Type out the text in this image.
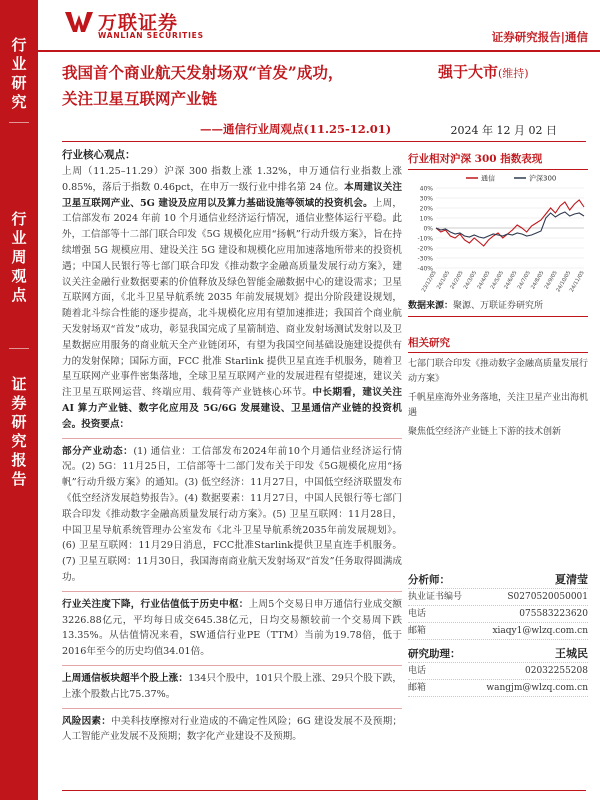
行
业
研
究
行
业
周
观
点
证
券
研
究
报
告
万联证券
WANLIAN SECURITIES	证券研究报告|通信
我国首个商业航天发射场双“首发”成功，
关注卫星互联网产业链
——通信行业周观点(11.25-12.01)
强于大市(维持)
2024 年 12 月 02 日
行业核心观点：
上周（11.25–11.29）沪深 300 指数上涨 1.32%，申万通信行业指数上涨 0.85%，落后于指数 0.46pct，在申万一级行业中排名第 24 位。本周建议关注卫星互联网产业、5G 建设及应用以及算力基础设施等领域的投资机会。上周，工信部发布 2024 年前 10 个月通信业经济运行情况，通信业整体运行平稳。此外，工信部等十二部门联合印发《5G 规模化应用“扬帆”行动升级方案》，旨在持续增强 5G 规模应用、建设关注 5G 建设和规模化应用加速落地所带来的投资机遇；中国人民银行等七部门联合印发《推动数字金融高质量发展行动方案》，建议关注金融行业数据要素的价值释放及绿色智能金融数据中心的建设需求；卫星互联网方面，《北斗卫星导航系统 2035 年前发展规划》提出分阶段建设规划，随着北斗综合性能的逐步提高，北斗规模化应用有望加速推进；我国首个商业航天发射场双“首发”成功，彰显我国完成了星箭制造、商业发射场测试发射以及卫星数据应用服务的商业航天全产业链闭环，有望为我国空间基础设施建设提供有力的发射保障；国际方面，FCC 批准 Starlink 提供卫星直连手机服务，随着卫星互联网产业事件密集落地，全球卫星互联网产业的发展进程有望提速，建议关注卫星互联网运营、终端应用、载荷等产业链核心环节。中长期看，建议关注 AI 算力产业链、数字化应用及 5G/6G 发展建设、卫星通信产业链的投资机会。投资要点：
部分产业动态：(1) 通信业：工信部发布2024年前10个月通信业经济运行情况。(2) 5G：11月25日，工信部等十二部门发布关于印发《5G规模化应用“扬帆”行动升级方案》的通知。(3) 低空经济：11月27日，中国低空经济联盟发布《低空经济发展趋势报告》。(4) 数据要素：11月27日，中国人民银行等七部门联合印发《推动数字金融高质量发展行动方案》。(5) 卫星互联网：11月28日，中国卫星导航系统管理办公室发布《北斗卫星导航系统2035年前发展规划》。(6) 卫星互联网：11月29日消息，FCC批准Starlink提供卫星直连手机服务。(7) 卫星互联网：11月30日，我国海南商业航天发射场双“首发”任务取得圆满成功。
行业关注度下降，行业估值低于历史中枢：上周5个交易日申万通信行业成交额3226.88亿元，平均每日成交645.38亿元，日均交易额较前一个交易周下跌13.35%。从估值情况来看，SW通信行业PE（TTM）当前为19.78倍，低于2016年至今的历史均值34.01倍。
上周通信板块超半个股上涨：134只个股中，101只个股上涨、29只个股下跌，上涨个股数占比75.37%。
风险因素：中美科技摩擦对行业造成的不确定性风险；6G 建设发展不及预期；人工智能产业发展不及预期；数字化产业建设不及预期。
行业相对沪深 300 指数表现
40%
30%
20%
10%
0%
-10%
-20%
-30%
-40%
23/12/05
24/1/05
24/2/05
24/3/05
24/4/05
24/5/05
24/6/05
24/7/05
24/8/05
24/9/05
24/10/05
24/11/05
通信	沪深300
数据来源：聚源、万联证券研究所
相关研究
七部门联合印发《推动数字金融高质量发展行动方案》
千帆星座海外业务落地，关注卫星产业出海机遇
聚焦低空经济产业链上下游的技术创新
分析师：	夏清莹
执业证书编号	S0270520050001
电话	075583223620
邮箱	xiaqy1@wlzq.com.cn
研究助理：	王城民
电话	02032255208
邮箱	wangjm@wlzq.com.cn
